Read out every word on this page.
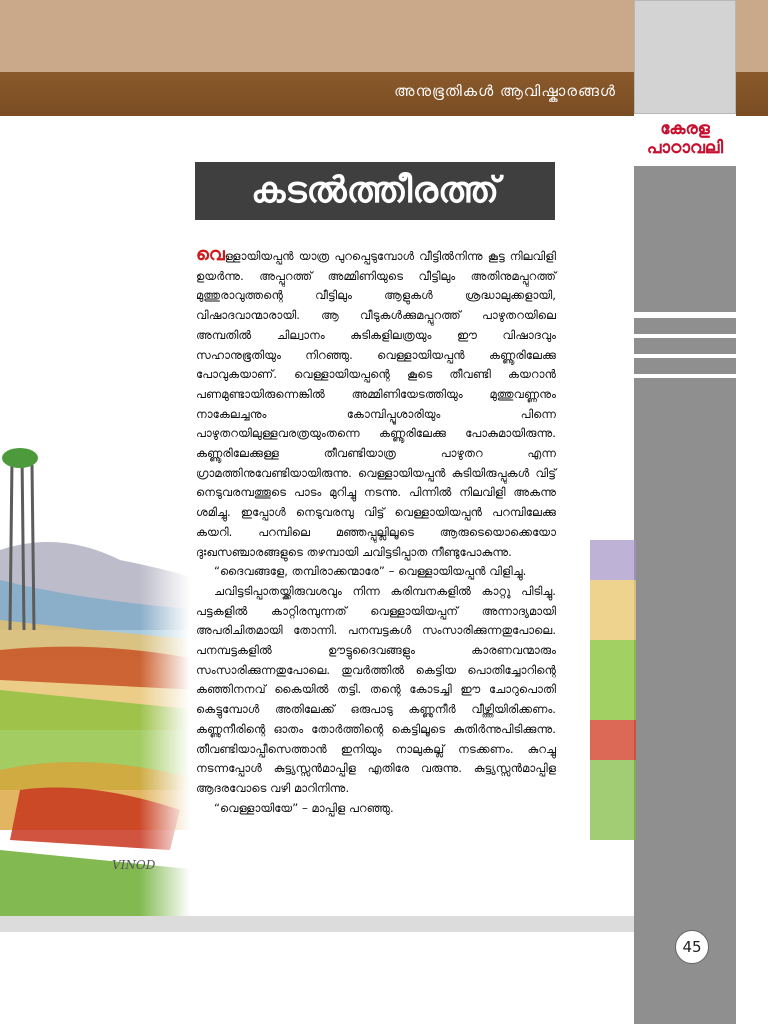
അനുഭൂതികൾ ആവിഷ്കാരങ്ങൾ
കേരള
പാഠാവലി
VINOD
കടൽത്തീരത്ത്

വെള്ളായിയപ്പൻ യാത്ര പുറപ്പെടുമ്പോൾ വീട്ടിൽനിന്നു കൂട്ട നിലവിളി ഉയർന്നു. അപ്പുറത്ത് അമ്മിണിയുടെ വീട്ടിലും അതിനുമപ്പുറത്ത് മുത്തുരാവുത്തന്റെ വീട്ടിലും ആളുകൾ ശ്രദ്ധാലുക്കളായി, വിഷാദവാന്മാരായി. ആ വീടുകൾക്കുമപ്പുറത്ത് പാഴുതറയിലെ അമ്പതിൽ ചില്വാനം കുടികളിലത്രയും ഈ വിഷാദവും സഹാനുഭൂതിയും നിറഞ്ഞു. വെള്ളായിയപ്പൻ കണ്ണൂരിലേക്കു പോവുകയാണ്. വെള്ളായിയപ്പന്റെ കൂടെ തീവണ്ടി കയറാൻ പണമുണ്ടായിരുന്നെങ്കിൽ അമ്മിണിയേടത്തിയും മുത്തുവണ്ണനും നാകേലച്ചനും കോമ്പിപ്പൂശാരിയും പിന്നെ പാഴുതറയിലുള്ളവരത്രയുംതന്നെ കണ്ണൂരിലേക്കു പോകുമായിരുന്നു. കണ്ണൂരിലേക്കുള്ള തീവണ്ടിയാത്ര പാഴുതറ എന്ന ഗ്രാമത്തിനുവേണ്ടിയായിരുന്നു. വെള്ളായിയപ്പൻ കുടിയിരുപ്പുകൾ വിട്ട് നെടുവരമ്പത്തൂടെ പാടം മുറിച്ചു നടന്നു. പിന്നിൽ നിലവിളി അകന്നു ശമിച്ചു. ഇപ്പോൾ നെടുവരമ്പു വിട്ട് വെള്ളായിയപ്പൻ പറമ്പിലേക്കു കയറി. പറമ്പിലെ മഞ്ഞപ്പുല്ലിലൂടെ ആരുടെയൊക്കെയോ ദുഃഖസഞ്ചാരങ്ങളുടെ തഴമ്പായി ചവിട്ടടിപ്പാത നീണ്ടുപോകുന്നു.

“ദൈവങ്ങളേ, തമ്പിരാക്കന്മാരേ” – വെള്ളായിയപ്പൻ വിളിച്ചു.

ചവിട്ടടിപ്പാതയ്ക്കിരുവശവും നിന്ന കരിമ്പനകളിൽ കാറ്റു പിടിച്ചു. പട്ടകളിൽ കാറ്റിരമ്പുന്നത് വെള്ളായിയപ്പന് അന്നാദ്യമായി അപരിചിതമായി തോന്നി. പനമ്പട്ടകൾ സംസാരിക്കുന്നതുപോലെ. പനമ്പട്ടകളിൽ ഊട്ടുദൈവങ്ങളും കാരണവന്മാരും സംസാരിക്കുന്നതുപോലെ. തുവർത്തിൽ കെട്ടിയ പൊതിച്ചോറിന്റെ കഞ്ഞിനനവ് കൈയിൽ തട്ടി. തന്റെ കോടച്ചി ഈ ചോറുപൊതി കെട്ടുമ്പോൾ അതിലേക്ക് ഒരുപാടു കണ്ണുനീർ വീഴ്ത്തിയിരിക്കണം. കണ്ണുനീരിന്റെ ഓതം തോർത്തിന്റെ കെട്ടിലൂടെ കുതിർന്നുപിടിക്കുന്നു. തീവണ്ടിയാപ്പീസെത്താൻ ഇനിയും നാലുകല്ല് നടക്കണം. കുറച്ചു നടന്നപ്പോൾ കുട്ട്യസ്സൻമാപ്പിള എതിരേ വരുന്നു. കുട്ട്യസ്സൻമാപ്പിള ആദരവോടെ വഴി മാറിനിന്നു.

“വെള്ളായിയേ” – മാപ്പിള പറഞ്ഞു.

45
